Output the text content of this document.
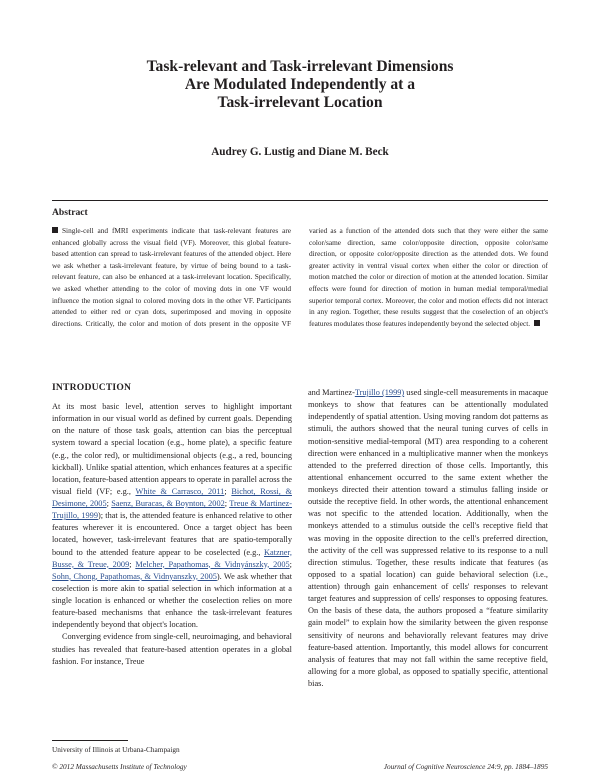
Task-relevant and Task-irrelevant Dimensions
Are Modulated Independently at a
Task-irrelevant Location

Audrey G. Lustig and Diane M. Beck

Abstract

Single-cell and fMRI experiments indicate that task-relevant features are enhanced globally across the visual field (VF). Moreover, this global feature-based attention can spread to task-irrelevant features of the attended object. Here we ask whether a task-irrelevant feature, by virtue of being bound to a task-relevant feature, can also be enhanced at a task-irrelevant location. Specifically, we asked whether attending to the color of moving dots in one VF would influence the motion signal to colored moving dots in the other VF. Participants attended to either red or cyan dots, superimposed and moving in opposite directions. Critically, the color and motion of dots present in the opposite VF varied as a function of the attended dots such that they were either the same color/same direction, same color/opposite direction, opposite color/same direction, or opposite color/opposite direction as the attended dots. We found greater activity in ventral visual cortex when either the color or direction of motion matched the color or direction of motion at the attended location. Similar effects were found for direction of motion in human medial temporal/medial superior temporal cortex. Moreover, the color and motion effects did not interact in any region. Together, these results suggest that the coselection of an object's features modulates those features independently beyond the selected object.

INTRODUCTION

At its most basic level, attention serves to highlight important information in our visual world as defined by current goals. Depending on the nature of those task goals, attention can bias the perceptual system toward a special location (e.g., home plate), a specific feature (e.g., the color red), or multidimensional objects (e.g., a red, bouncing kickball). Unlike spatial attention, which enhances features at a specific location, feature-based attention appears to operate in parallel across the visual field (VF; e.g., White & Carrasco, 2011; Bichot, Rossi, & Desimone, 2005; Saenz, Buracas, & Boynton, 2002; Treue & Martinez-Trujillo, 1999); that is, the attended feature is enhanced relative to other features wherever it is encountered. Once a target object has been located, however, task-irrelevant features that are spatio-temporally bound to the attended feature appear to be coselected (e.g., Katzner, Busse, & Treue, 2009; Melcher, Papathomas, & Vidnyánszky, 2005; Sohn, Chong, Papathomas, & Vidnyanszky, 2005). We ask whether that coselection is more akin to spatial selection in which information at a single location is enhanced or whether the coselection relies on more feature-based mechanisms that enhance the task-irrelevant features independently beyond that object's location.

Converging evidence from single-cell, neuroimaging, and behavioral studies has revealed that feature-based attention operates in a global fashion. For instance, Treue

and Martinez-Trujillo (1999) used single-cell measurements in macaque monkeys to show that features can be attentionally modulated independently of spatial attention. Using moving random dot patterns as stimuli, the authors showed that the neural tuning curves of cells in motion-sensitive medial-temporal (MT) area responding to a coherent direction were enhanced in a multiplicative manner when the monkeys attended to the preferred direction of those cells. Importantly, this attentional enhancement occurred to the same extent whether the monkeys directed their attention toward a stimulus falling inside or outside the receptive field. In other words, the attentional enhancement was not specific to the attended location. Additionally, when the monkeys attended to a stimulus outside the cell's receptive field that was moving in the opposite direction to the cell's preferred direction, the activity of the cell was suppressed relative to its response to a null direction stimulus. Together, these results indicate that features (as opposed to a spatial location) can guide behavioral selection (i.e., attention) through gain enhancement of cells' responses to relevant target features and suppression of cells' responses to opposing features. On the basis of these data, the authors proposed a “feature similarity gain model” to explain how the similarity between the given response sensitivity of neurons and behaviorally relevant features may drive feature-based attention. Importantly, this model allows for concurrent analysis of features that may not fall within the same receptive field, allowing for a more global, as opposed to spatially specific, attentional bias.

University of Illinois at Urbana-Champaign

© 2012 Massachusetts Institute of Technology	Journal of Cognitive Neuroscience 24:9, pp. 1884–1895
